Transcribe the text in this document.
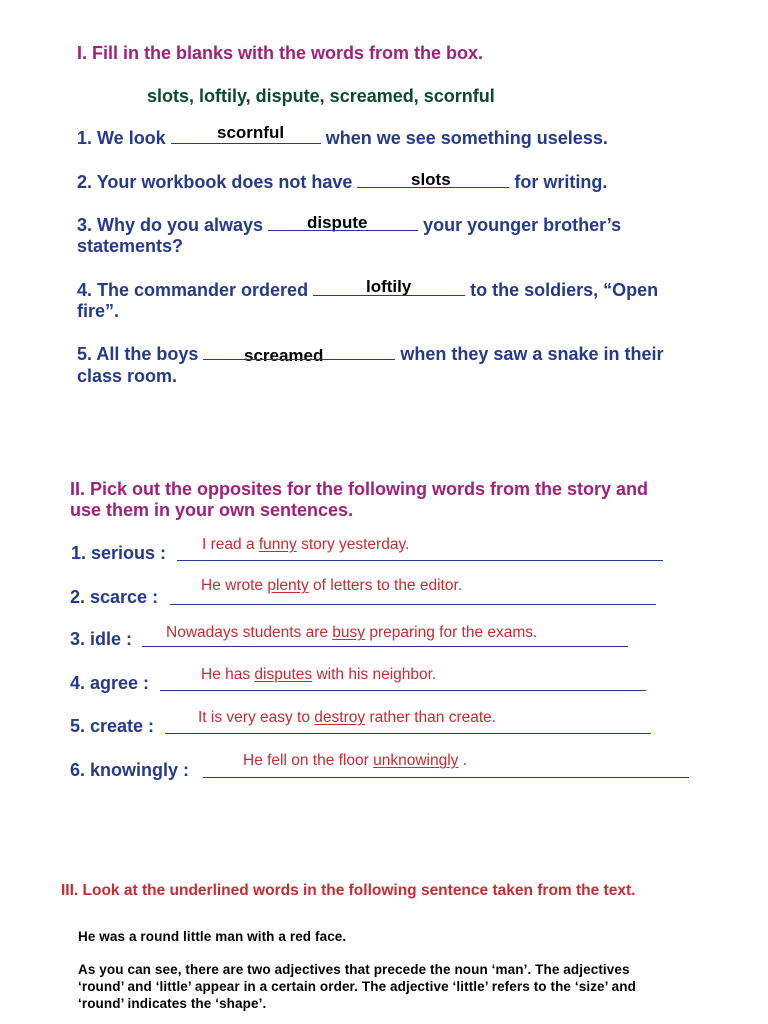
I. Fill in the blanks with the words from the box.
slots, loftily, dispute, screamed, scornful
scornful
1. We look	when we see something useless.
slots
2. Your workbook does not have	for writing.
dispute
3. Why do you always	your younger brother’s
statements?
loftily
4. The commander ordered	to the soldiers, “Open
fire”.
screamed
5. All the boys	when they saw a snake in their
class room.
II. Pick out the opposites for the following words from the story and
use them in your own sentences.
1. serious : I read a funny story yesterday.
2. scarce :
He wrote plenty of letters to the editor.
3. idle : Nowadays students are busy preparing for the exams.
4. agree :	He has disputes with his neighbor.
5. create :	It is very easy to destroy rather than create.
6. knowingly :	He fell on the floor unknowingly .
III. Look at the underlined words in the following sentence taken from the text.
He was a round little man with a red face.
As you can see, there are two adjectives that precede the noun ‘man’. The adjectives
‘round’ and ‘little’ appear in a certain order. The adjective ‘little’ refers to the ‘size’ and
‘round’ indicates the ‘shape’.
